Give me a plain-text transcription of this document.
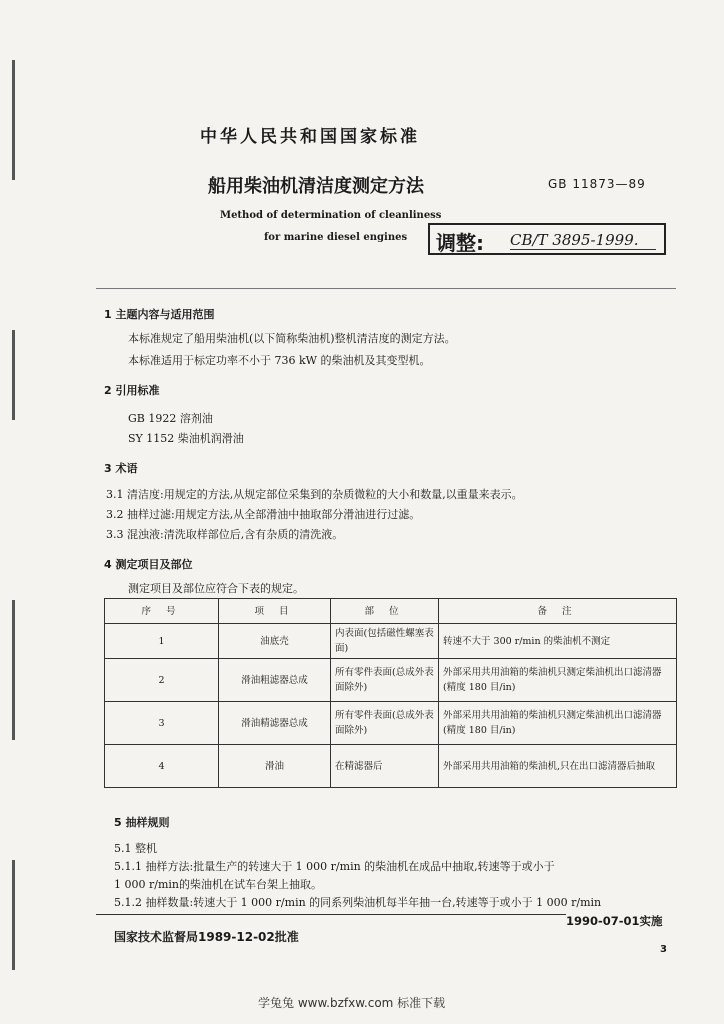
中华人民共和国国家标准
船用柴油机清洁度测定方法	GB 11873—89
Method of determination of cleanliness
for marine diesel engines 调整: CB/T 3895-1999.
1 主题内容与适用范围
本标准规定了船用柴油机(以下简称柴油机)整机清洁度的测定方法。
本标准适用于标定功率不小于 736 kW 的柴油机及其变型机。
2 引用标准
GB 1922 溶剂油
SY 1152 柴油机润滑油
3 术语
3.1 清洁度:用规定的方法,从规定部位采集到的杂质微粒的大小和数量,以重量来表示。
3.2 抽样过滤:用规定方法,从全部滑油中抽取部分滑油进行过滤。
3.3 混浊液:清洗取样部位后,含有杂质的清洗液。
4 测定项目及部位
测定项目及部位应符合下表的规定。
序 号	项 目	部 位	备 注
1	油底壳	内表面(包括磁性螺塞表面)	转速不大于 300 r/min 的柴油机不测定
2	滑油粗滤器总成	所有零件表面(总成外表面除外)	外部采用共用油箱的柴油机只测定柴油机出口滤清器(精度 180 目/in)
3	滑油精滤器总成	所有零件表面(总成外表面除外)	外部采用共用油箱的柴油机只测定柴油机出口滤清器(精度 180 目/in)
4	滑油	在精滤器后	外部采用共用油箱的柴油机,只在出口滤清器后抽取
5 抽样规则
5.1 整机
5.1.1 抽样方法:批量生产的转速大于 1 000 r/min 的柴油机在成品中抽取,转速等于或小于
1 000 r/min的柴油机在试车台架上抽取。
5.1.2 抽样数量:转速大于 1 000 r/min 的同系列柴油机每半年抽一台,转速等于或小于 1 000 r/min
1990-07-01实施
国家技术监督局1989-12-02批准
3
学兔兔 www.bzfxw.com 标准下载
